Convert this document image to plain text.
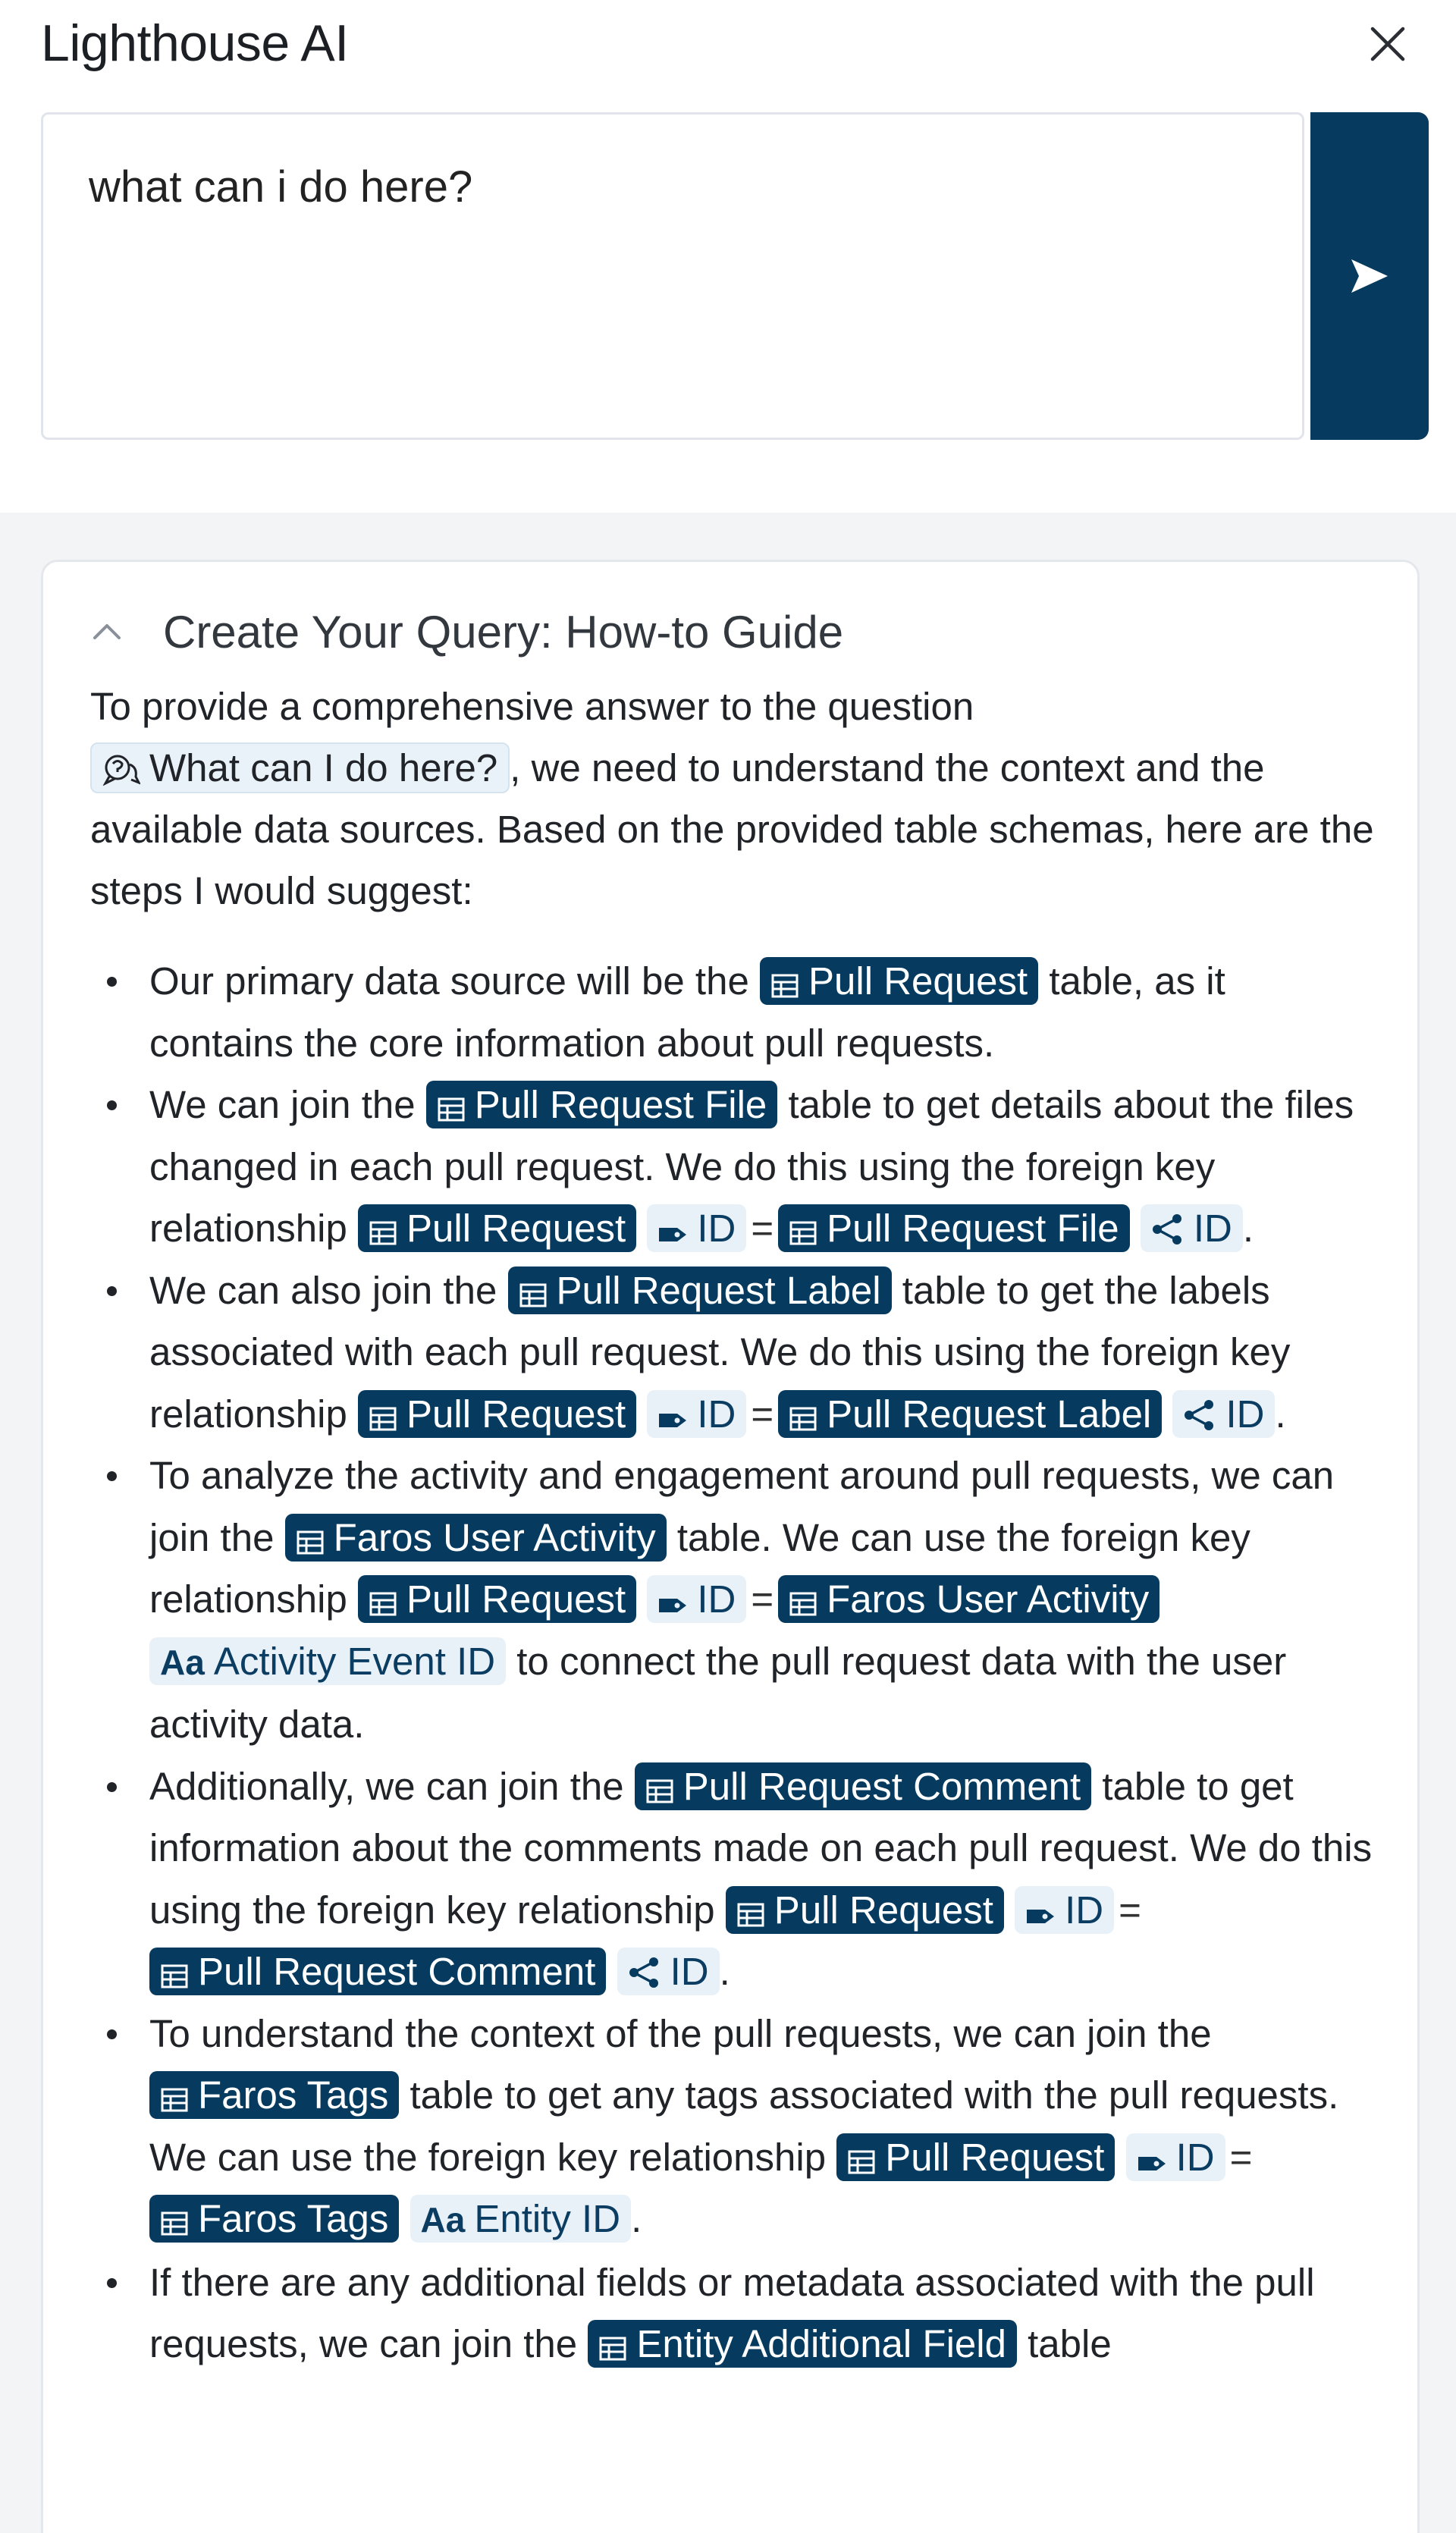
Lighthouse AI
what can i do here?
Create Your Query: How-to Guide

To provide a comprehensive answer to the question What can I do here? , we need to understand the context and the available data sources. Based on the provided table schemas, here are the steps I would suggest:

Our primary data source will be the Pull Request table, as it contains the core information about pull requests.
We can join the Pull Request File table to get details about the files changed in each pull request. We do this using the foreign key relationship Pull Request ID = Pull Request File ID .
We can also join the Pull Request Label table to get the labels associated with each pull request. We do this using the foreign key relationship Pull Request ID = Pull Request Label ID .
To analyze the activity and engagement around pull requests, we can join the Faros User Activity table. We can use the foreign key relationship Pull Request ID = Faros User Activity Aa Activity Event ID to connect the pull request data with the user activity data.
Additionally, we can join the Pull Request Comment table to get information about the comments made on each pull request. We do this using the foreign key relationship Pull Request ID =Pull Request Comment ID .
To understand the context of the pull requests, we can join the Faros Tags table to get any tags associated with the pull requests. We can use the foreign key relationship Pull Request ID =Faros Tags Aa Entity ID .
If there are any additional fields or metadata associated with the pull requests, we can join the Entity Additional Field table
